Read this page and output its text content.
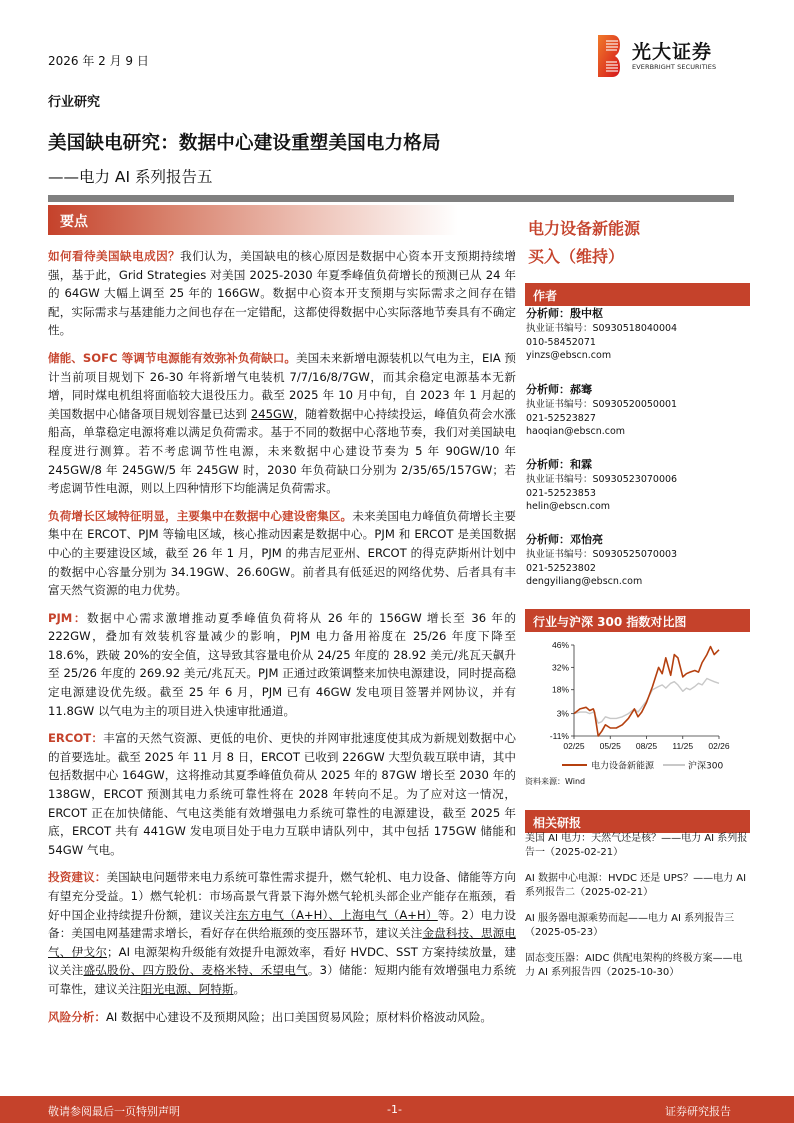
2026 年 2 月 9 日	光大证券
EVERBRIGHT SECURITIES
行业研究
美国缺电研究：数据中心建设重塑美国电力格局
——电力 AI 系列报告五
要点

如何看待美国缺电成因？我们认为，美国缺电的核心原因是数据中心资本开支预期持续增强，基于此，Grid Strategies 对美国 2025-2030 年夏季峰值负荷增长的预测已从 24 年的 64GW 大幅上调至 25 年的 166GW。数据中心资本开支预期与实际需求之间存在错配，实际需求与基建能力之间也存在一定错配，这都使得数据中心实际落地节奏具有不确定性。

储能、SOFC 等调节电源能有效弥补负荷缺口。美国未来新增电源装机以气电为主，EIA 预计当前项目规划下 26-30 年将新增气电装机 7/7/16/8/7GW，而其余稳定电源基本无新增，同时煤电机组将面临较大退役压力。截至 2025 年 10 月中旬，自 2023 年 1 月起的美国数据中心储备项目规划容量已达到 245GW，随着数据中心持续投运，峰值负荷会水涨船高，单靠稳定电源将难以满足负荷需求。基于不同的数据中心落地节奏，我们对美国缺电程度进行测算。若不考虑调节性电源，未来数据中心建设节奏为 5 年 90GW/10 年 245GW/8 年 245GW/5 年 245GW 时，2030 年负荷缺口分别为 2/35/65/157GW；若考虑调节性电源，则以上四种情形下均能满足负荷需求。

负荷增长区域特征明显，主要集中在数据中心建设密集区。未来美国电力峰值负荷增长主要集中在 ERCOT、PJM 等输电区域，核心推动因素是数据中心。PJM 和 ERCOT 是美国数据中心的主要建设区域，截至 26 年 1 月，PJM 的弗吉尼亚州、ERCOT 的得克萨斯州计划中的数据中心容量分别为 34.19GW、26.60GW。前者具有低延迟的网络优势、后者具有丰富天然气资源的电力优势。

PJM：数据中心需求激增推动夏季峰值负荷将从 26 年的 156GW 增长至 36 年的 222GW，叠加有效装机容量减少的影响，PJM 电力备用裕度在 25/26 年度下降至 18.6%，跌破 20%的安全值，这导致其容量电价从 24/25 年度的 28.92 美元/兆瓦天飙升至 25/26 年度的 269.92 美元/兆瓦天。PJM 正通过政策调整来加快电源建设，同时提高稳定电源建设优先级。截至 25 年 6 月，PJM 已有 46GW 发电项目签署并网协议，并有 11.8GW 以气电为主的项目进入快速审批通道。

ERCOT：丰富的天然气资源、更低的电价、更快的并网审批速度使其成为新规划数据中心的首要选址。截至 2025 年 11 月 8 日，ERCOT 已收到 226GW 大型负载互联申请，其中包括数据中心 164GW，这将推动其夏季峰值负荷从 2025 年的 87GW 增长至 2030 年的 138GW，ERCOT 预测其电力系统可靠性将在 2028 年转向不足。为了应对这一情况，ERCOT 正在加快储能、气电这类能有效增强电力系统可靠性的电源建设，截至 2025 年底，ERCOT 共有 441GW 发电项目处于电力互联申请队列中，其中包括 175GW 储能和 54GW 气电。

投资建议：美国缺电问题带来电力系统可靠性需求提升，燃气轮机、电力设备、储能等方向有望充分受益。1）燃气轮机：市场高景气背景下海外燃气轮机头部企业产能存在瓶颈，看好中国企业持续提升份额，建议关注东方电气（A+H）、上海电气（A+H）等。2）电力设备：美国电网基建需求增长，看好存在供给瓶颈的变压器环节，建议关注金盘科技、思源电气、伊戈尔；AI 电源架构升级能有效提升电源效率，看好 HVDC、SST 方案持续放量，建议关注盛弘股份、四方股份、麦格米特、禾望电气。3）储能：短期内能有效增强电力系统可靠性，建议关注阳光电源、阿特斯。

风险分析：AI 数据中心建设不及预期风险；出口美国贸易风险；原材料价格波动风险。

电力设备新能源
买入（维持）
作者
分析师：殷中枢
执业证书编号：S0930518040004
010-58452071
yinzs@ebscn.com
分析师：郝骞
执业证书编号：S0930520050001
021-52523827
haoqian@ebscn.com
分析师：和霖
执业证书编号：S0930523070006
021-52523853
helin@ebscn.com
分析师：邓怡亮
执业证书编号：S0930525070003
021-52523802
dengyiliang@ebscn.com
行业与沪深 300 指数对比图
46%
32%
18%
3%
-11%
02/25 05/25 08/25 11/25 02/26
电力设备新能源	沪深300
资料来源：Wind
相关研报
美国 AI 电力：天然气还是核？——电力 AI 系列报告一（2025-02-21）
AI 数据中心电源：HVDC 还是 UPS？——电力 AI 系列报告二（2025-02-21）
AI 服务器电源乘势而起——电力 AI 系列报告三（2025-05-23）
固态变压器：AIDC 供配电架构的终极方案——电力 AI 系列报告四（2025-10-30）
敬请参阅最后一页特别声明	-1-	证券研究报告
